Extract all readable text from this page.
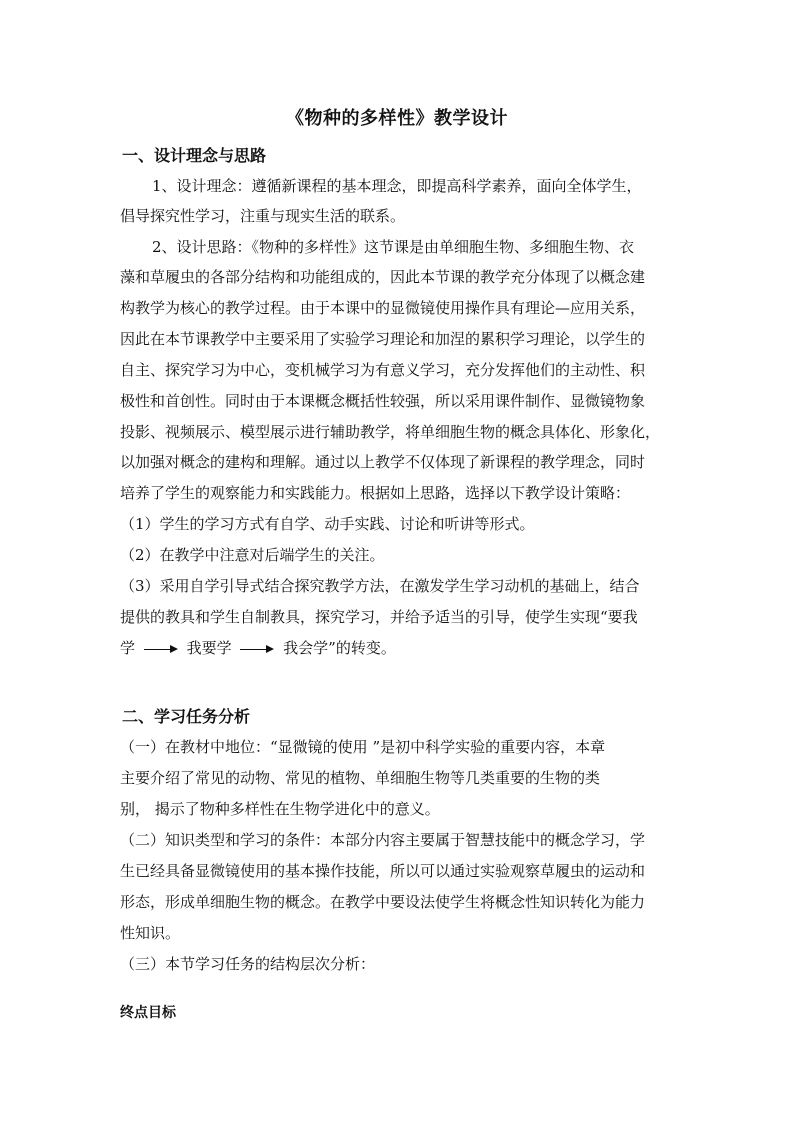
《物种的多样性》教学设计
一、设计理念与思路
1、设计理念：遵循新课程的基本理念，即提高科学素养，面向全体学生，
倡导探究性学习，注重与现实生活的联系。
2、设计思路：《物种的多样性》这节课是由单细胞生物、多细胞生物、衣
藻和草履虫的各部分结构和功能组成的，因此本节课的教学充分体现了以概念建
构教学为核心的教学过程。由于本课中的显微镜使用操作具有理论—应用关系，
因此在本节课教学中主要采用了实验学习理论和加涅的累积学习理论，以学生的
自主、探究学习为中心，变机械学习为有意义学习，充分发挥他们的主动性、积
极性和首创性。同时由于本课概念概括性较强，所以采用课件制作、显微镜物象
投影、视频展示、模型展示进行辅助教学，将单细胞生物的概念具体化、形象化，
以加强对概念的建构和理解。通过以上教学不仅体现了新课程的教学理念，同时
培养了学生的观察能力和实践能力。根据如上思路，选择以下教学设计策略：
（1）学生的学习方式有自学、动手实践、讨论和听讲等形式。
（2）在教学中注意对后端学生的关注。
（3）采用自学引导式结合探究教学方法，在激发学生学习动机的基础上，结合
提供的教具和学生自制教具，探究学习，并给予适当的引导，使学生实现“要我
学	我要学	我会学”的转变。
二、学习任务分析
（一）在教材中地位：“显微镜的使用 ”是初中科学实验的重要内容，本章
主要介绍了常见的动物、常见的植物、单细胞生物等几类重要的生物的类
别， 揭示了物种多样性在生物学进化中的意义。
（二）知识类型和学习的条件：本部分内容主要属于智慧技能中的概念学习，学
生已经具备显微镜使用的基本操作技能，所以可以通过实验观察草履虫的运动和
形态，形成单细胞生物的概念。在教学中要设法使学生将概念性知识转化为能力
性知识。
（三）本节学习任务的结构层次分析：
终点目标
